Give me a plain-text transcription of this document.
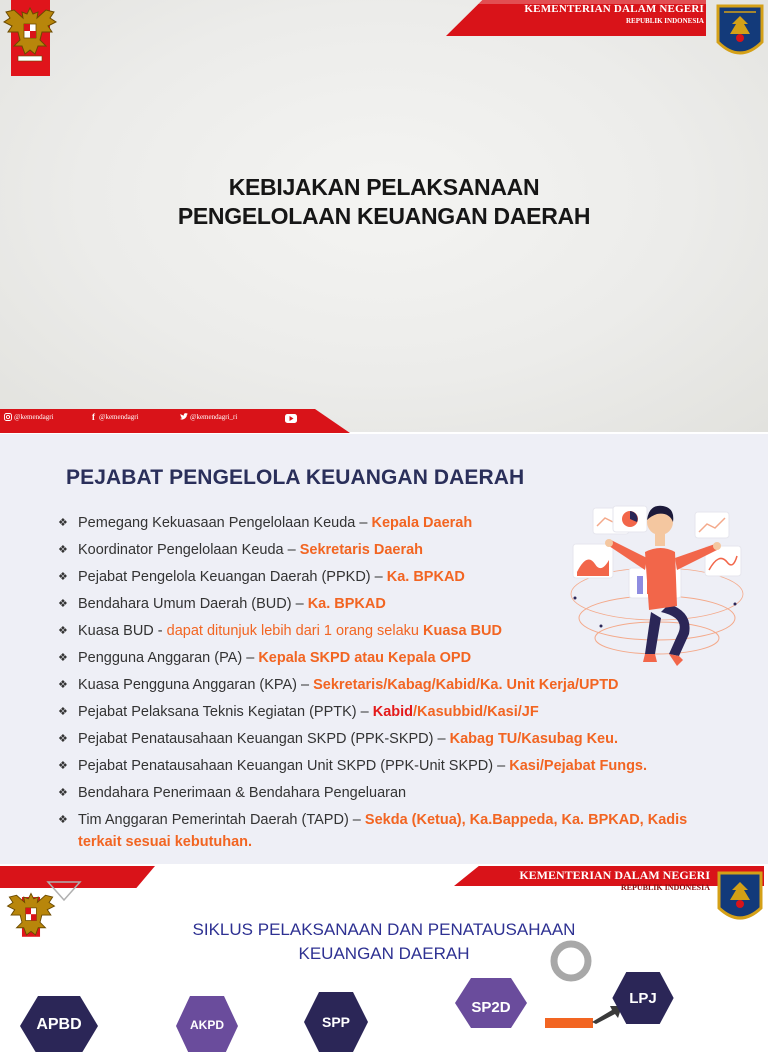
KEMENTERIAN DALAM NEGERI
REPUBLIK INDONESIA
KEBIJAKAN PELAKSANAAN
PENGELOLAAN KEUANGAN DAERAH
@kemendagri	f @kemendagri	@kemendagri_ri
PEJABAT PENGELOLA KEUANGAN DAERAH
❖ Pemegang Kekuasaan Pengelolaan Keuda – Kepala Daerah
❖ Koordinator Pengelolaan Keuda – Sekretaris Daerah
❖ Pejabat Pengelola Keuangan Daerah (PPKD) – Ka. BPKAD
❖ Bendahara Umum Daerah (BUD) – Ka. BPKAD
❖ Kuasa BUD - dapat ditunjuk lebih dari 1 orang selaku Kuasa BUD
❖ Pengguna Anggaran (PA) – Kepala SKPD atau Kepala OPD
❖ Kuasa Pengguna Anggaran (KPA) – Sekretaris/Kabag/Kabid/Ka. Unit Kerja/UPTD
❖ Pejabat Pelaksana Teknis Kegiatan (PPTK) – Kabid/Kasubbid/Kasi/JF
❖ Pejabat Penatausahaan Keuangan SKPD (PPK-SKPD) – Kabag TU/Kasubag Keu.
❖ Pejabat Penatausahaan Keuangan Unit SKPD (PPK-Unit SKPD) – Kasi/Pejabat Fungs.
❖ Bendahara Penerimaan & Bendahara Pengeluaran
❖ Tim Anggaran Pemerintah Daerah (TAPD) – Sekda (Ketua), Ka.Bappeda, Ka. BPKAD, Kadis terkait sesuai kebutuhan.
KEMENTERIAN DALAM NEGERI
REPUBLIK INDONESIA
SIKLUS PELAKSANAAN DAN PENATAUSAHAAN
KEUANGAN DAERAH
APBD	AKPD	SPP
SP2D
LPJ
